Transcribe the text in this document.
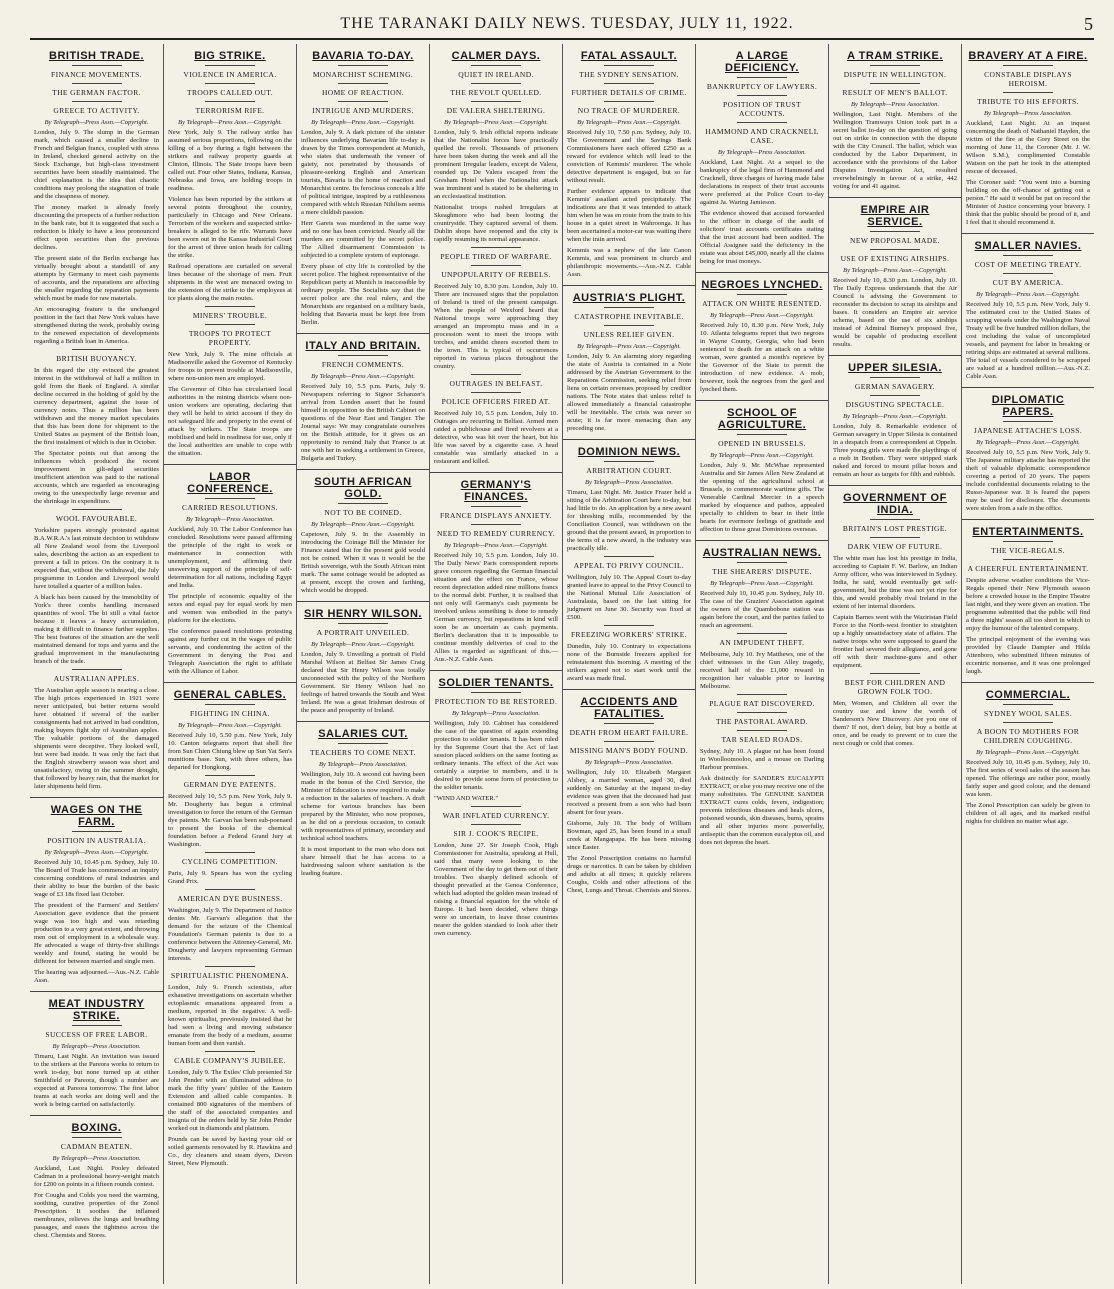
THE TARANAKI DAILY NEWS. TUESDAY, JULY 11, 1922.	5
BRITISH TRADE.
FINANCE MOVEMENTS.
THE GERMAN FACTOR.
GREECE TO ACTIVITY.
By Telegraph—Press Assn.—Copyright.

London, July 9. The slump in the German mark, which caused a smaller decline in French and Belgian francs, coupled with stress in Ireland, checked general activity on the Stock Exchange, but high-class investment securities have been steadily maintained. The chief explanation is the idea that chaotic conditions may prolong the stagnation of trade and the cheapness of money.

The money market is already freely discounting the prospects of a further reduction in the bank rate, but it is suggested that such a reduction is likely to have a less pronounced effect upon securities than the previous declines.

The present state of the Berlin exchange has virtually brought about a standstill of any attempts by Germany to meet cash payments of accounts, and the reparations are affecting the smaller regarding the reparation payments which must be made for raw materials.

An encouraging feature is the unchanged position in the fact that New York values have strengthened during the week, probably owing to the renewed expectation of developments regarding a British loan in America.

BRITISH BUOYANCY.

In this regard the city evinced the greatest interest in the withdrawal of half a million in gold from the Bank of England. A similar decline occurred in the holding of gold by the currency department, against the issue of currency notes. Thus a million has been withdrawn and the money market speculates that this has been done for shipment to the United States as payment of the British loan, the first instalment of which is due in October.

The Spectator points out that among the influences which produced the recent improvement in gilt-edged securities insufficient attention was paid to the national accounts, which are regarded as encouraging owing to the unexpectedly large revenue and the shrinkage in expenditure.

WOOL FAVOURABLE.

Yorkshire papers strongly protested against B.A.W.R.A.'s last minute decision to withdraw all New Zealand wool from the Liverpool sales, describing the action as an expedient to prevent a fall in prices. On the contrary it is expected that, without the withdrawal, the July programme in London and Liverpool would have totalled a quarter of a million bales.

A black has been caused by the immobility of York's three combs handling increased quantities of wool. The bi still a vital factor because it leaves a heavy accumulation, making it difficult to finance further supplies. The best features of the situation are the well maintained demand for tops and yarns and the gradual improvement in the manufacturing branch of the trade.

AUSTRALIAN APPLES.

The Australian apple season is nearing a close. The high prices experienced in 1921 were never anticipated, but better returns would have obtained if several of the earlier consignments had not arrived in bad condition, making buyers fight shy of Australian apples. The valuable portions of the damaged shipments were deceptive. They looked well, but were bad inside. It was only the fact that the English strawberry season was short and unsatisfactory, owing to the summer drought, that followed by heavy rain, that the market for later shipments held firm.

WAGES ON THE FARM.
POSITION IN AUSTRALIA.
By Telegraph—Press Assn.—Copyright.

Received July 10, 10.45 p.m. Sydney, July 10. The Board of Trade has commenced an inquiry concerning conditions of rural industries and their ability to bear the burden of the basic wage of £3 18s fixed last October.

The president of the Farmers' and Settlers' Association gave evidence that the present wage was too high and was retarding production to a very great extent, and throwing men out of employment in a wholesale way. He advocated a wage of thirty-five shillings weekly and found, stating he would be different for between married and single men.

The hearing was adjourned.—Aus.-N.Z. Cable Assn.

MEAT INDUSTRY STRIKE.
SUCCESS OF FREE LABOR.
By Telegraph—Press Association.

Timaru, Last Night. An invitation was issued to the strikers at the Pareora works to return to work to-day, but none turned up at either Smithfield or Pareora, though a number are expected at Pareora tomorrow. The first labor teams at each works are doing well and the work is being carried on satisfactorily.

BOXING.
CADMAN BEATEN.
By Telegraph—Press Association.

Auckland, Last Night. Pooley defeated Cadman in a professional heavy-weight match for £200 on points in a fifteen rounds contest.

For Coughs and Colds you need the warming, soothing, curative properties of the Zonol Prescription. It soothes the inflamed membranes, relieves the lungs and breathing passages, and eases the tightness across the chest. Chemists and Stores.

BIG STRIKE.
VIOLENCE IN AMERICA.
TROOPS CALLED OUT.
TERRORISM RIFE.
By Telegraph—Press Assn.—Copyright.

New York, July 9. The railway strike has assumed serious proportions, following on the killing of a boy during a fight between the strikers and railway property guards at Clinton, Illinois. The State troops have been called out. Four other States, Indiana, Kansas, Nebraska and Iowa, are holding troops in readiness.

Violence has been reported by the strikers at several points throughout the country, particularly in Chicago and New Orleans. Terrorism of the workers and suspected strike-breakers is alleged to be rife. Warrants have been sworn out in the Kansas Industrial Court for the arrest of three union heads for calling the strike.

Railroad operations are curtailed on several lines because of the shortage of men. Fruit shipments in the west are menaced owing to the extension of the strike to the employees at ice plants along the main routes.

MINERS' TROUBLE.
TROOPS TO PROTECT PROPERTY.

New York, July 9. The mine officials at Madisonville asked the Governor of Kentucky for troops to prevent trouble at Madisonville, where non-union men are employed.

The Governor of Ohio has circularised local authorities in the mining districts where non-union workers are operating, declaring that they will be held to strict account if they do not safeguard life and property in the event of attack by strikers. The State troops are mobilised and held in readiness for use, only if the local authorities are unable to cope with the situation.

LABOR CONFERENCE.
CARRIED RESOLUTIONS.
By Telegraph—Press Association.

Auckland, July 10. The Labor Conference has concluded. Resolutions were passed affirming the principle of the right to work or maintenance in connection with unemployment, and affirming their unswerving support of the principle of self-determination for all nations, including Egypt and India.

The principle of economic equality of the sexes and equal pay for equal work by men and women was embodied in the party's platform for the elections.

The conference passed resolutions protesting against any further cut in the wages of public servants, and condemning the action of the Government in denying the Post and Telegraph Association the right to affiliate with the Alliance of Labor.

GENERAL CABLES.
FIGHTING IN CHINA.
By Telegraph—Press Assn.—Copyright.

Received July 10, 5.50 p.m. New York, July 10. Canton telegrams report that shell fire from Sun Chien Chiung blew up Sun Yat Sen's munitions base. Sun, with three others, has departed for Hongkong.

GERMAN DYE PATENTS.

Received July 10, 5.5 p.m. New York, July 9. Mr. Dougherty has begun a criminal investigation to force the return of the German dye patents. Mr. Garvan has been sub-poenaed to present the books of the chemical foundation before a Federal Grand Jury at Washington.

CYCLING COMPETITION.

Paris, July 9. Spears has won the cycling Grand Prix.

AMERICAN DYE BUSINESS.

Washington, July 9. The Department of Justice denies Mr. Garvan's allegation that the demand for the seizure of the Chemical Foundation's German patents is due to a conference between the Attorney-General, Mr. Dougherty and lawyers representing German interests.

SPIRITUALISTIC PHENOMENA.

London, July 9. French scientists, after exhaustive investigations on ascertain whether ectoplasmic emanations appeared from a medium, reported in the negative. A well-known spiritualist, previously insisted that he had seen a living and moving substance emanate from the body of a medium, assume human form and then vanish.

CABLE COMPANY'S JUBILEE.

London, July 9. The Exiles' Club presented Sir John Pender with an illuminated address to mark the fifty years' jubilee of the Eastern Extension and allied cable companies. It contained 800 signatures of the members of the staff of the associated companies and insignia of the orders held by Sir John Pender worked out in diamonds and platinum.

Pounds can be saved by having your old or soiled garments renovated by R. Hawkins and Co., dry cleaners and steam dyers, Devon Street, New Plymouth.

BAVARIA TO-DAY.
MONARCHIST SCHEMING.
HOME OF REACTION.
INTRIGUE AND MURDERS.
By Telegraph—Press Assn.—Copyright.

London, July 9. A dark picture of the sinister influences underlying Bavarian life to-day is drawn by the Times correspondent at Munich, who states that underneath the veneer of gaiety, not penetrated by thousands of pleasure-seeking English and American tourists, Bavaria is the home of reaction and Monarchist centre. Its ferocious conceals a life of political intrigue, inspired by a ruthlessness compared with which Russian Nihilism seems a mere childish passion.

Herr Gareis was murdered in the same way and no one has been convicted. Nearly all the murders are committed by the secret police. The Allied disarmament Commission is subjected to a complete system of espionage.

Every phase of city life is controlled by the secret police. The highest representative of the Republican party at Munich is inaccessible by ordinary people. The Socialists say that the secret police are the real rulers, and the Monarchists are organised on a military basis, holding that Bavaria must be kept free from Berlin.

ITALY AND BRITAIN.
FRENCH COMMENTS.
By Telegraph—Press Assn.—Copyright.

Received July 10, 5.5 p.m. Paris, July 9. Newspapers referring to Signor Schanzer's arrival from London assert that he found himself in opposition to the British Cabinet on questions of the Near East and Tangier. The Journal says: We may congratulate ourselves on the British attitude, for it gives us an opportunity to remind Italy that France is at one with her in seeking a settlement in Greece, Bulgaria and Turkey.

SOUTH AFRICAN GOLD.
NOT TO BE COINED.
By Telegraph—Press Assn.—Copyright.

Capetown, July 9. In the Assembly in introducing the Coinage Bill the Minister for Finance stated that for the present gold would not be coined. When it was it would be the British sovereign, with the South African mint mark. The same coinage would be adopted as at present, except the crown and farthing, which would be dropped.

SIR HENRY WILSON.
A PORTRAIT UNVEILED.
By Telegraph—Press Assn.—Copyright.

London, July 9. Unveiling a portrait of Field Marshal Wilson at Belfast Sir James Craig declared that Sir Henry Wilson was totally unconnected with the policy of the Northern Government. Sir Henry Wilson had no feelings of hatred towards the South and West Ireland. He was a great Irishman desirous of the peace and prosperity of Ireland.

SALARIES CUT.
TEACHERS TO COME NEXT.
By Telegraph—Press Association.

Wellington, July 10. A second cut having been made in the bonus of the Civil Service, the Minister of Education is now required to make a reduction in the salaries of teachers. A draft scheme for various branches has been prepared by the Minister, who now proposes, as he did on a previous occasion, to consult with representatives of primary, secondary and technical school teachers.

It is most important to the man who does not share himself that he has access to a hairdressing saloon where sanitation is the leading feature.

CALMER DAYS.
QUIET IN IRELAND.
THE REVOLT QUELLED.
DE VALERA SHELTERING.
By Telegraph—Press Assn.—Copyright.

London, July 9. Irish official reports indicate that the Nationalist forces have practically quelled the revolt. Thousands of prisoners have been taken during the week and all the prominent Irregular leaders, except de Valera, rounded up. De Valera escaped from the Gresham Hotel when the Nationalist attack was imminent and is stated to be sheltering in an ecclesiastical institution.

Nationalist troops rushed Irregulars at Skeaghmore who had been looting the countryside. They captured several of them. Dublin shops have reopened and the city is rapidly resuming its normal appearance.

PEOPLE TIRED OF WARFARE.
UNPOPULARITY OF REBELS.

Received July 10, 8.30 p.m. London, July 10. There are increased signs that the population of Ireland is tired of the present campaign. When the people of Wexford heard that National troops were approaching they arranged an impromptu mass and in a procession went to meet the troops with torches, and amidst cheers escorted them to the town. This is typical of occurrences reported in various places throughout the country.

OUTRAGES IN BELFAST.
POLICE OFFICERS FIRED AT.

Received July 10, 5.5 p.m. London, July 10. Outrages are recurring in Belfast. Armed men raided a publichouse and fired revolvers at a detective, who was hit over the heart, but his life was saved by a cigarette case. A head constable was similarly attacked in a restaurant and killed.

GERMANY'S FINANCES.
FRANCE DISPLAYS ANXIETY.
NEED TO REMEDY CURRENCY.
By Telegraph—Press Assn.—Copyright.

Received July 10, 5.5 p.m. London, July 10. The Daily News' Paris correspondent reports grave concern regarding the German financial situation and the effect on France, whose recent depreciation added nine millions francs to the normal debt. Further, it is realised that not only will Germany's cash payments be involved unless something is done to remedy German currency, but reparations in kind will soon be as uncertain as cash payments. Berlin's declaration that it is impossible to continue monthly deliveries of coal to the Allies is regarded as significant of this.—Aus.-N.Z. Cable Assn.

SOLDIER TENANTS.
PROTECTION TO BE RESTORED.
By Telegraph—Press Association.

Wellington, July 10. Cabinet has considered the case of the question of again extending protection to soldier tenants. It has been ruled by the Supreme Court that the Act of last session placed soldiers on the same footing as ordinary tenants. The effect of the Act was certainly a surprise to members, and it is desired to provide some form of protection to the soldier tenants.

"WIND AND WATER."

WAR INFLATED CURRENCY.
SIR J. COOK'S RECIPE.

London, June 27. Sir Joseph Cook, High Commissioner for Australia, speaking at Hull, said that many were looking to the Government of the day to get them out of their troubles. Two sharply defined schools of thought prevailed at the Genoa Conference, which had adopted the golden mean instead of raising a financial equation for the whole of Europe. It had been decided, where things were so uncertain, to leave those countries nearer the golden standard to look after their own currency.

FATAL ASSAULT.
THE SYDNEY SENSATION.
FURTHER DETAILS OF CRIME.
NO TRACE OF MURDERER.
By Telegraph—Press Assn.—Copyright.

Received July 10, 7.50 p.m. Sydney, July 10. The Government and the Savings Bank Commissioners have each offered £250 as a reward for evidence which will lead to the conviction of Kemmis' murderer. The whole detective department is engaged, but so far without result.

Further evidence appears to indicate that Kemmis' assailant acted precipitately. The indications are that it was intended to attack him when he was en route from the train to his house in a quiet street in Wahroonga. It has been ascertained a motor-car was waiting there when the train arrived.

Kemmis was a nephew of the late Canon Kemmis, and was prominent in church and philanthropic movements.—Aus.-N.Z. Cable Assn.

AUSTRIA'S PLIGHT.
CATASTROPHE INEVITABLE.
UNLESS RELIEF GIVEN.
By Telegraph—Press Assn.—Copyright.

London, July 9. An alarming story regarding the state of Austria is contained in a Note addressed by the Austrian Government to the Reparations Commission, seeking relief from liens on certain revenues proposed by creditor nations. The Note states that unless relief is allowed immediately a financial catastrophe will be inevitable. The crisis was never so acute; it is far more menacing than any preceding one.

DOMINION NEWS.
ARBITRATION COURT.
By Telegraph—Press Association.

Timaru, Last Night. Mr. Justice Frazer held a sitting of the Arbitration Court here to-day, but had little to do. An application by a new award for threshing mills, recommended by the Conciliation Council, was withdrawn on the ground that the present award, in proportion to the terms of a new award, is the industry was practically idle.

APPEAL TO PRIVY COUNCIL.

Wellington, July 10. The Appeal Court to-day granted leave to appeal to the Privy Council to the National Mutual Life Association of Australasia, based on the last sitting for judgment on June 30. Security was fixed at £500.

FREEZING WORKERS' STRIKE.

Dunedin, July 10. Contrary to expectations none of the Burnside freezers applied for reinstatement this morning. A meeting of the strikers agreed not to start work until the award was made final.

ACCIDENTS AND FATALITIES.
DEATH FROM HEART FAILURE.
MISSING MAN'S BODY FOUND.
By Telegraph—Press Association.

Wellington, July 10. Elizabeth Margaret Alsbey, a married woman, aged 30, died suddenly on Saturday at the inquest to-day evidence was given that the deceased had just received a present from a son who had been absent for four years.

Gisborne, July 10. The body of William Bowman, aged 25, has been found in a small creek at Mangapapa. He has been missing since Easter.

The Zonol Prescription contains no harmful drugs or narcotics. It can be taken by children and adults at all times; it quickly relieves Coughs, Colds and other affections of the Chest, Lungs and Throat. Chemists and Stores.

A LARGE DEFICIENCY.
BANKRUPTCY OF LAWYERS.
POSITION OF TRUST ACCOUNTS.
HAMMOND AND CRACKNELL CASE.
By Telegraph—Press Association.

Auckland, Last Night. At a sequel to the bankruptcy of the legal firm of Hammond and Cracknell, three charges of having made false declarations in respect of their trust accounts were preferred at the Police Court to-day against Ja. Waring Jamieson.

The evidence showed that accused forwarded to the officer in charge of the audit of solicitors' trust accounts certificates stating that the trust account had been audited. The Official Assignee said the deficiency in the estate was about £45,000, nearly all the claims being for trust moneys.

NEGROES LYNCHED.
ATTACK ON WHITE RESENTED.
By Telegraph—Press Assn.—Copyright.

Received July 10, 8.30 p.m. New York, July 10. Atlanta telegrams report that two negroes in Wayne County, Georgia, who had been sentenced to death for an attack on a white woman, were granted a month's reprieve by the Governor of the State to permit the introduction of new evidence. A mob, however, took the negroes from the gaol and lynched them.

SCHOOL OF AGRICULTURE.
OPENED IN BRUSSELS.
By Telegraph—Press Assn.—Copyright.

London, July 9. Mr. McWhae represented Australia and Sir James Allen New Zealand at the opening of the agricultural school at Brussels, to commemorate wartime gifts. The Venerable Cardinal Mercier in a speech marked by eloquence and pathos, appealed specially to children to bear in their little hearts for evermore feelings of gratitude and affection to those great Dominions overseas.

AUSTRALIAN NEWS.
THE SHEARERS' DISPUTE.
By Telegraph—Press Assn.—Copyright.

Received July 10, 10.45 p.m. Sydney, July 10. The case of the Graziers' Association against the owners of the Quambobone station was again before the court, and the parties failed to reach an agreement.

AN IMPUDENT THEFT.

Melbourne, July 10. Ivy Matthews, one of the chief witnesses in the Gun Alley tragedy, received half of the £1,000 reward in recognition her valuable prior to leaving Melbourne.

PLAGUE RAT DISCOVERED.
THE PASTORAL AWARD.
TAR SEALED ROADS.

Sydney, July 10. A plague rat has been found in Woolloomooloo, and a mouse on Darling Harbour premises.

Ask distinctly for SANDER'S EUCALYPTI EXTRACT, or else you may receive one of the many substitutes. The GENUINE SANDER EXTRACT cures colds, fevers, indigestion; prevents infectious diseases and heals ulcers, poisoned wounds, skin diseases, burns, sprains and all other injuries more powerfully, antiseptic than the common eucalyptus oil, and does not depress the heart.

A TRAM STRIKE.
DISPUTE IN WELLINGTON.
RESULT OF MEN'S BALLOT.
By Telegraph—Press Association.

Wellington, Last Night. Members of the Wellington Tramways Union took part in a secret ballot to-day on the question of going out on strike in connection with the dispute with the City Council. The ballot, which was conducted by the Labor Department, in accordance with the provisions of the Labor Disputes Investigation Act, resulted overwhelmingly in favour of a strike, 442 voting for and 41 against.

EMPIRE AIR SERVICE.
NEW PROPOSAL MADE.
USE OF EXISTING AIRSHIPS.
By Telegraph—Press Assn.—Copyright.

Received July 10, 8.30 p.m. London, July 10. The Daily Express understands that the Air Council is advising the Government to reconsider its decision to scrap its airships and bases. It considers an Empire air service scheme, based on the use of six airships instead of Admiral Burney's proposed five, would be capable of producing excellent results.

UPPER SILESIA.
GERMAN SAVAGERY.
DISGUSTING SPECTACLE.
By Telegraph—Press Assn.—Copyright.

London, July 8. Remarkable evidence of German savagery in Upper Silesia is contained in a despatch from a correspondent at Oppeln. Three young girls were made the playthings of a mob in Beuthen. They were stripped stark naked and forced to mount pillar boxes and remain an hour as targets for filth and rubbish.

GOVERNMENT OF INDIA.
BRITAIN'S LOST PRESTIGE.
DARK VIEW OF FUTURE.

The white man has lost his prestige in India, according to Captain F. W. Barlow, an Indian Army officer, who was interviewed in Sydney. India, he said, would eventually get self-government, but the time was not yet ripe for this, and would probably rival Ireland in the extent of her internal disorders.

Captain Barnes went with the Waziristan Field Force to the North-west frontier to straighten up a highly unsatisfactory state of affairs. The native troops who were supposed to guard the frontier had severed their allegiance, and gone off with their machine-guns and other equipment.

BEST FOR CHILDREN AND GROWN FOLK TOO.

Men, Women, and Children all over the country use and know the worth of Sanderson's New Discovery. Are you one of them? If not, don't delay, but buy a bottle at once, and be ready to prevent or to cure the next cough or cold that comes.

BRAVERY AT A FIRE.
CONSTABLE DISPLAYS HEROISM.
TRIBUTE TO HIS EFFORTS.
By Telegraph—Press Association.

Auckland, Last Night. At an inquest concerning the death of Nathaniel Hayden, the victim of the fire at the Grey Street on the morning of June 11, the Coroner (Mr. J. W. Wilson S.M.), complimented Constable Watson on the part he took in the attempted rescue of deceased.

The Coroner said: "You went into a burning building on the off-chance of getting out a person." He said it would be put on record the Minister of Justice concerning your bravery. I think that the public should be proud of it, and I feel that it should recommend it.

SMALLER NAVIES.
COST OF MEETING TREATY.
CUT BY AMERICA.
By Telegraph—Press Assn.—Copyright.

Received July 10, 5.5 p.m. New York, July 9. The estimated cost to the United States of scrapping vessels under the Washington Naval Treaty will be five hundred million dollars, the cost including the value of uncompleted vessels, and payment for labor in breaking or retiring ships are estimated at several millions. The total of vessels considered to be scrapped are valued at a hundred million.—Aus.-N.Z. Cable Assn.

DIPLOMATIC PAPERS.
JAPANESE ATTACHE'S LOSS.
By Telegraph—Press Assn.—Copyright.

Received July 10, 5.5 p.m. New York, July 9. The Japanese military attache has reported the theft of valuable diplomatic correspondence covering a period of 20 years. The papers include confidential documents relating to the Russo-Japanese war. It is feared the papers may be used for disclosure. The documents were stolen from a safe in the office.

ENTERTAINMENTS.
THE VICE-REGALS.
A CHEERFUL ENTERTAINMENT.

Despite adverse weather conditions the Vice-Regals opened their New Plymouth season before a crowded house in the Empire Theatre last night, and they were given an ovation. The programme submitted that the public will find a three nights' season all too short in which to enjoy the humour of the talented company.

The principal enjoyment of the evening was provided by Claude Dampier and Hilda Attenboro, who submitted fifteen minutes of eccentric nonsense, and it was one prolonged laugh.

COMMERCIAL.
SYDNEY WOOL SALES.
A BOON TO MOTHERS FOR CHILDREN COUGHING.
By Telegraph—Press Assn.—Copyright.

Received July 10, 10.45 p.m. Sydney, July 10. The first series of wool sales of the season has opened. The offerings are rather poor, mostly fairly super and good colour, and the demand was keen.

The Zonol Prescription can safely be given to children of all ages, and its marked restful nights for children no matter what age.
